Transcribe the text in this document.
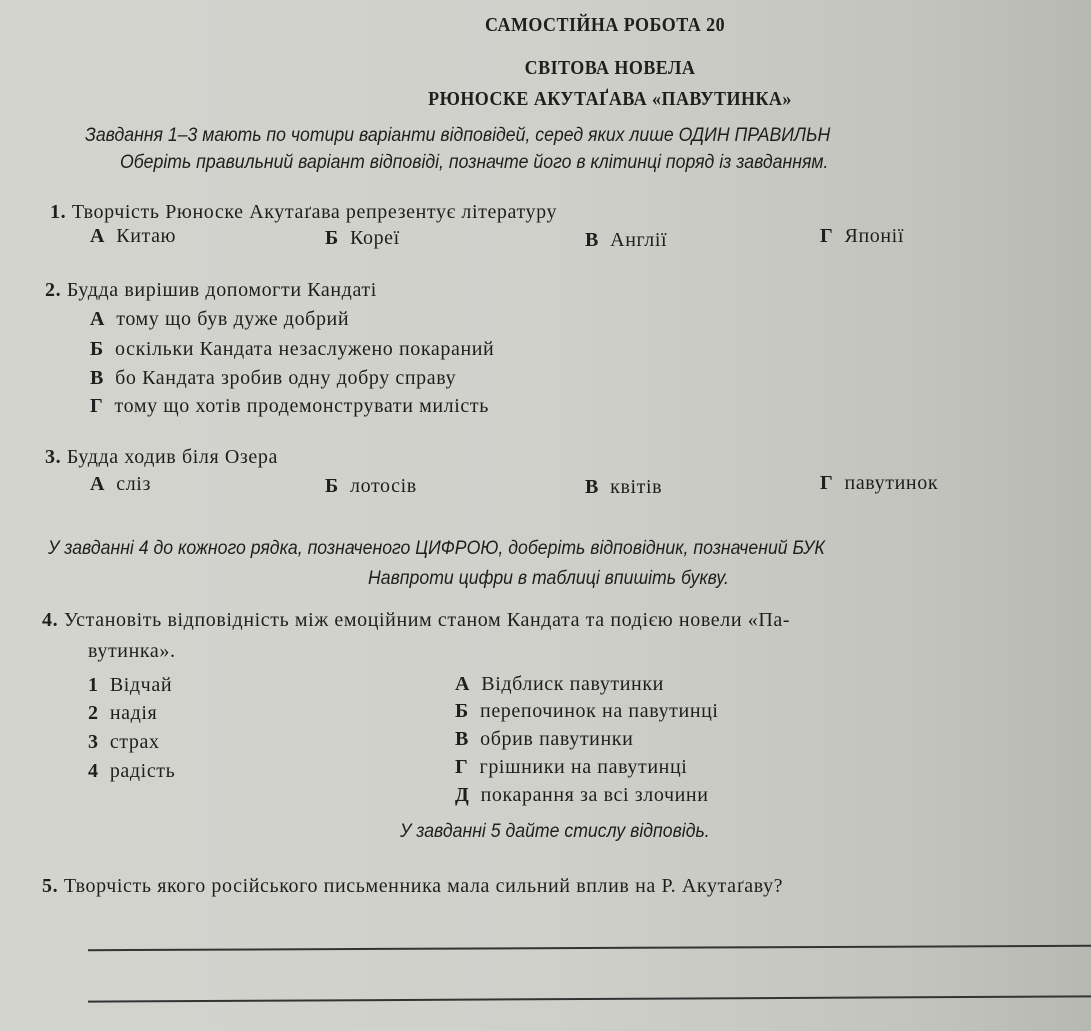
САМОСТІЙНА РОБОТА 20
СВІТОВА НОВЕЛА
РЮНОСКЕ АКУТАҐАВА «ПАВУТИНКА»
Завдання 1–3 мають по чотири варіанти відповідей, серед яких лише ОДИН ПРАВИЛЬН
Оберіть правильний варіант відповіді, позначте його в клітинці поряд із завданням.
1. Творчість Рюноске Акутаґава репрезентує літературу
А Китаю	Б Кореї	В Англії	Г Японії
2. Будда вирішив допомогти Кандаті
А тому що був дуже добрий
Б оскільки Кандата незаслужено покараний
В бо Кандата зробив одну добру справу
Г тому що хотів продемонструвати милість
3. Будда ходив біля Озера
А сліз	Б лотосів	В квітів	Г павутинок
У завданні 4 до кожного рядка, позначеного ЦИФРОЮ, доберіть відповідник, позначений БУК
Навпроти цифри в таблиці впишіть букву.
4. Установіть відповідність між емоційним станом Кандата та подією новели «Па-
вутинка».
1 Відчай
2 надія
3 страх
4 радість
А Відблиск павутинки
Б перепочинок на павутинці
В обрив павутинки
Г грішники на павутинці
Д покарання за всі злочини
У завданні 5 дайте стислу відповідь.
5. Творчість якого російського письменника мала сильний вплив на Р. Акутаґаву?
